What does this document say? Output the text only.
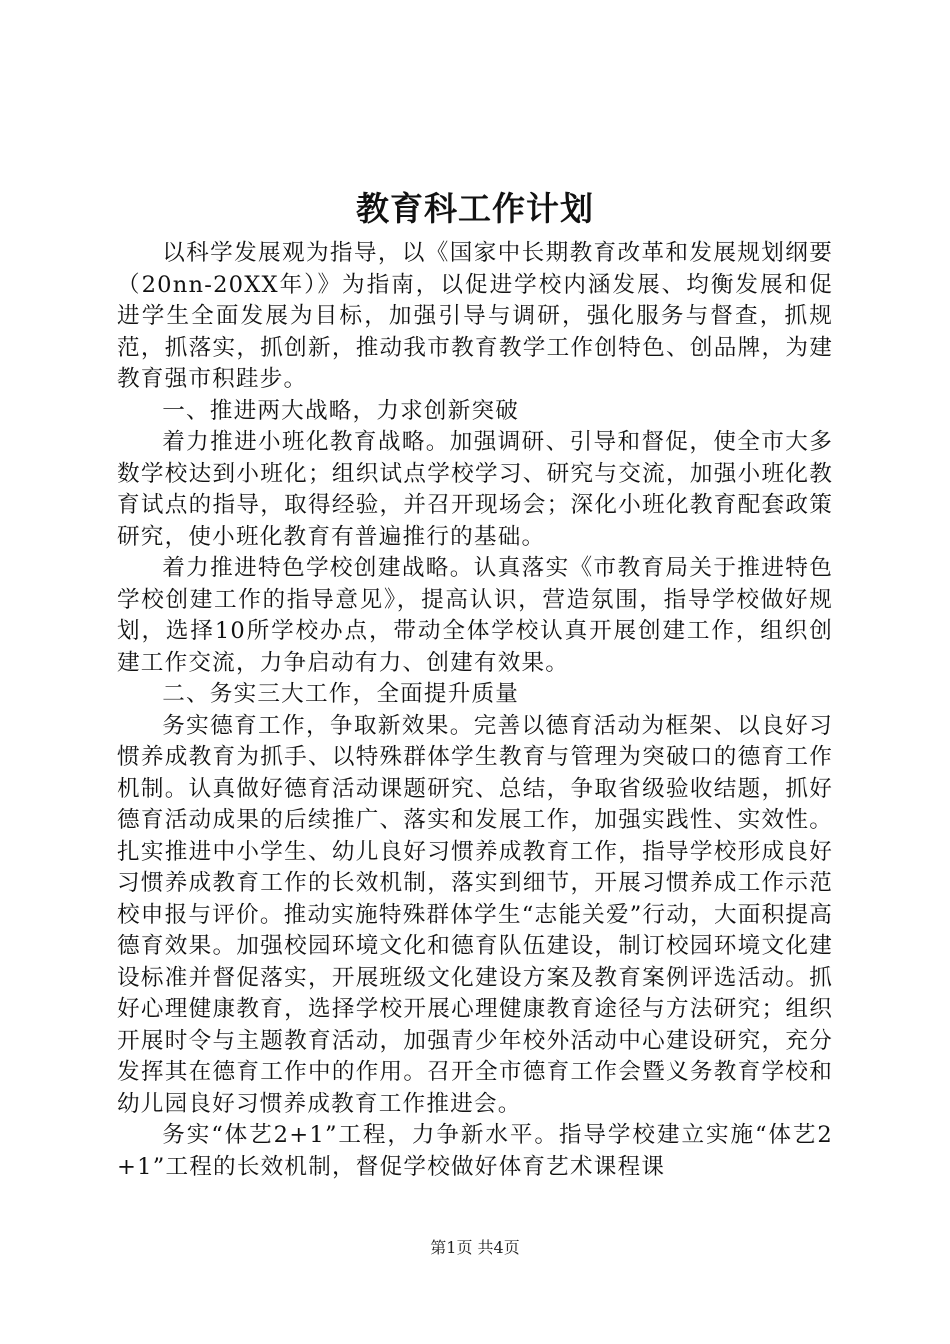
教育科工作计划

以科学发展观为指导，以《国家中长期教育改革和发展规划纲要（20nn-20XX年）》为指南，以促进学校内涵发展、均衡发展和促进学生全面发展为目标，加强引导与调研，强化服务与督查，抓规范，抓落实，抓创新，推动我市教育教学工作创特色、创品牌，为建教育强市积跬步。

一、推进两大战略，力求创新突破

着力推进小班化教育战略。加强调研、引导和督促，使全市大多数学校达到小班化；组织试点学校学习、研究与交流，加强小班化教育试点的指导，取得经验，并召开现场会；深化小班化教育配套政策研究，使小班化教育有普遍推行的基础。

着力推进特色学校创建战略。认真落实《市教育局关于推进特色学校创建工作的指导意见》，提高认识，营造氛围，指导学校做好规划，选择10所学校办点，带动全体学校认真开展创建工作，组织创建工作交流，力争启动有力、创建有效果。

二、务实三大工作，全面提升质量

务实德育工作，争取新效果。完善以德育活动为框架、以良好习惯养成教育为抓手、以特殊群体学生教育与管理为突破口的德育工作机制。认真做好德育活动课题研究、总结，争取省级验收结题，抓好德育活动成果的后续推广、落实和发展工作，加强实践性、实效性。扎实推进中小学生、幼儿良好习惯养成教育工作，指导学校形成良好习惯养成教育工作的长效机制，落实到细节，开展习惯养成工作示范校申报与评价。推动实施特殊群体学生“志能关爱”行动，大面积提高德育效果。加强校园环境文化和德育队伍建设，制订校园环境文化建设标准并督促落实，开展班级文化建设方案及教育案例评选活动。抓好心理健康教育，选择学校开展心理健康教育途径与方法研究；组织开展时令与主题教育活动，加强青少年校外活动中心建设研究，充分发挥其在德育工作中的作用。召开全市德育工作会暨义务教育学校和幼儿园良好习惯养成教育工作推进会。

务实“体艺2+1”工程，力争新水平。指导学校建立实施“体艺2+1”工程的长效机制，督促学校做好体育艺术课程课

第1页 共4页
